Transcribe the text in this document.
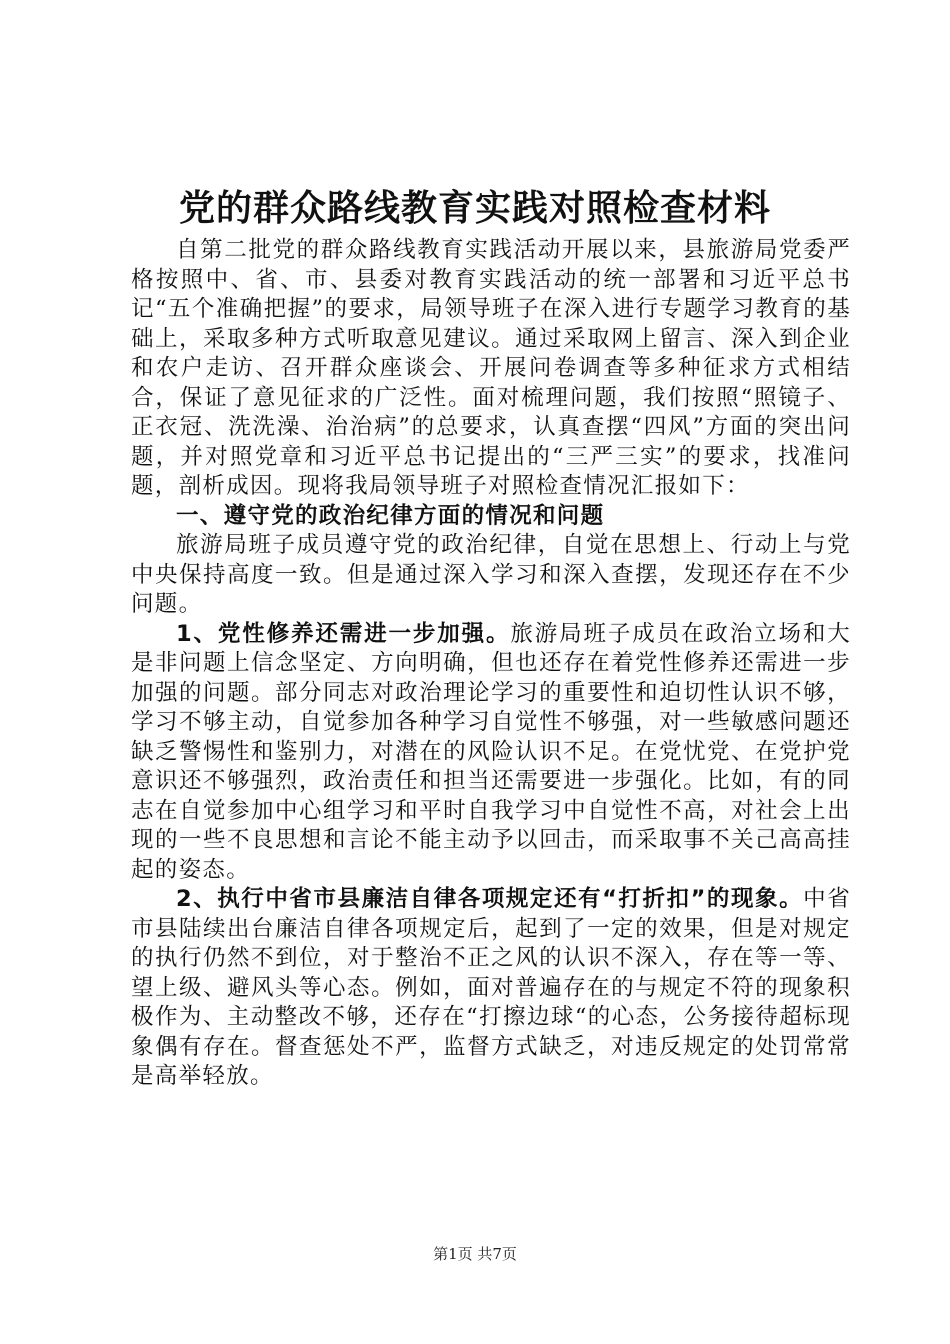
党的群众路线教育实践对照检查材料

自第二批党的群众路线教育实践活动开展以来，县旅游局党委严格按照中、省、市、县委对教育实践活动的统一部署和习近平总书记“五个准确把握”的要求，局领导班子在深入进行专题学习教育的基础上，采取多种方式听取意见建议。通过采取网上留言、深入到企业和农户走访、召开群众座谈会、开展问卷调查等多种征求方式相结合，保证了意见征求的广泛性。面对梳理问题，我们按照“照镜子、正衣冠、洗洗澡、治治病”的总要求，认真查摆“四风”方面的突出问题，并对照党章和习近平总书记提出的“三严三实”的要求，找准问题，剖析成因。现将我局领导班子对照检查情况汇报如下：

一、遵守党的政治纪律方面的情况和问题

旅游局班子成员遵守党的政治纪律，自觉在思想上、行动上与党中央保持高度一致。但是通过深入学习和深入查摆，发现还存在不少问题。

1、党性修养还需进一步加强。旅游局班子成员在政治立场和大是非问题上信念坚定、方向明确，但也还存在着党性修养还需进一步加强的问题。部分同志对政治理论学习的重要性和迫切性认识不够，学习不够主动，自觉参加各种学习自觉性不够强，对一些敏感问题还缺乏警惕性和鉴别力，对潜在的风险认识不足。在党忧党、在党护党意识还不够强烈，政治责任和担当还需要进一步强化。比如，有的同志在自觉参加中心组学习和平时自我学习中自觉性不高，对社会上出现的一些不良思想和言论不能主动予以回击，而采取事不关己高高挂起的姿态。

2、执行中省市县廉洁自律各项规定还有“打折扣”的现象。中省市县陆续出台廉洁自律各项规定后，起到了一定的效果，但是对规定的执行仍然不到位，对于整治不正之风的认识不深入，存在等一等、望上级、避风头等心态。例如，面对普遍存在的与规定不符的现象积极作为、主动整改不够，还存在“打擦边球“的心态，公务接待超标现象偶有存在。督查惩处不严，监督方式缺乏，对违反规定的处罚常常是高举轻放。

第1页 共7页
